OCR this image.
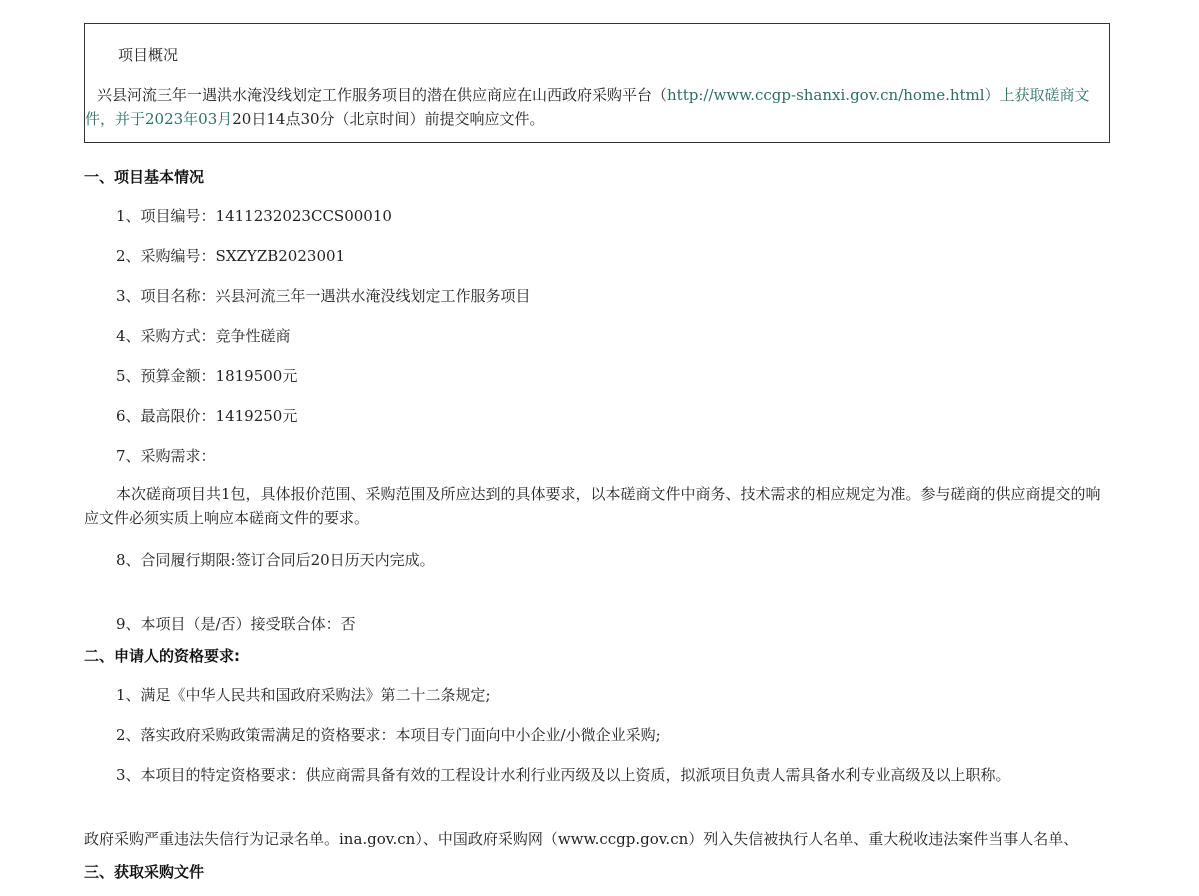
项目概况
兴县河流三年一遇洪水淹没线划定工作服务项目的潜在供应商应在山西政府采购平台（http://www.ccgp-shanxi.gov.cn/home.html）上获取磋商文件，并于2023年03月20日14点30分（北京时间）前提交响应文件。
一、项目基本情况
1、项目编号：1411232023CCS00010
2、采购编号：SXZYZB2023001
3、项目名称：兴县河流三年一遇洪水淹没线划定工作服务项目
4、采购方式：竞争性磋商
5、预算金额：1819500元
6、最高限价：1419250元
7、采购需求：
本次磋商项目共1包，具体报价范围、采购范围及所应达到的具体要求，以本磋商文件中商务、技术需求的相应规定为准。参与磋商的供应商提交的响应文件必须实质上响应本磋商文件的要求。
8、合同履行期限:签订合同后20日历天内完成。
9、本项目（是/否）接受联合体：否
二、申请人的资格要求:
1、满足《中华人民共和国政府采购法》第二十二条规定;
2、落实政府采购政策需满足的资格要求：本项目专门面向中小企业/小微企业采购;
3、本项目的特定资格要求：供应商需具备有效的工程设计水利行业丙级及以上资质，拟派项目负责人需具备水利专业高级及以上职称。
政府采购严重违法失信行为记录名单。ina.gov.cn）、中国政府采购网（www.ccgp.gov.cn）列入失信被执行人名单、重大税收违法案件当事人名单、
三、获取采购文件
